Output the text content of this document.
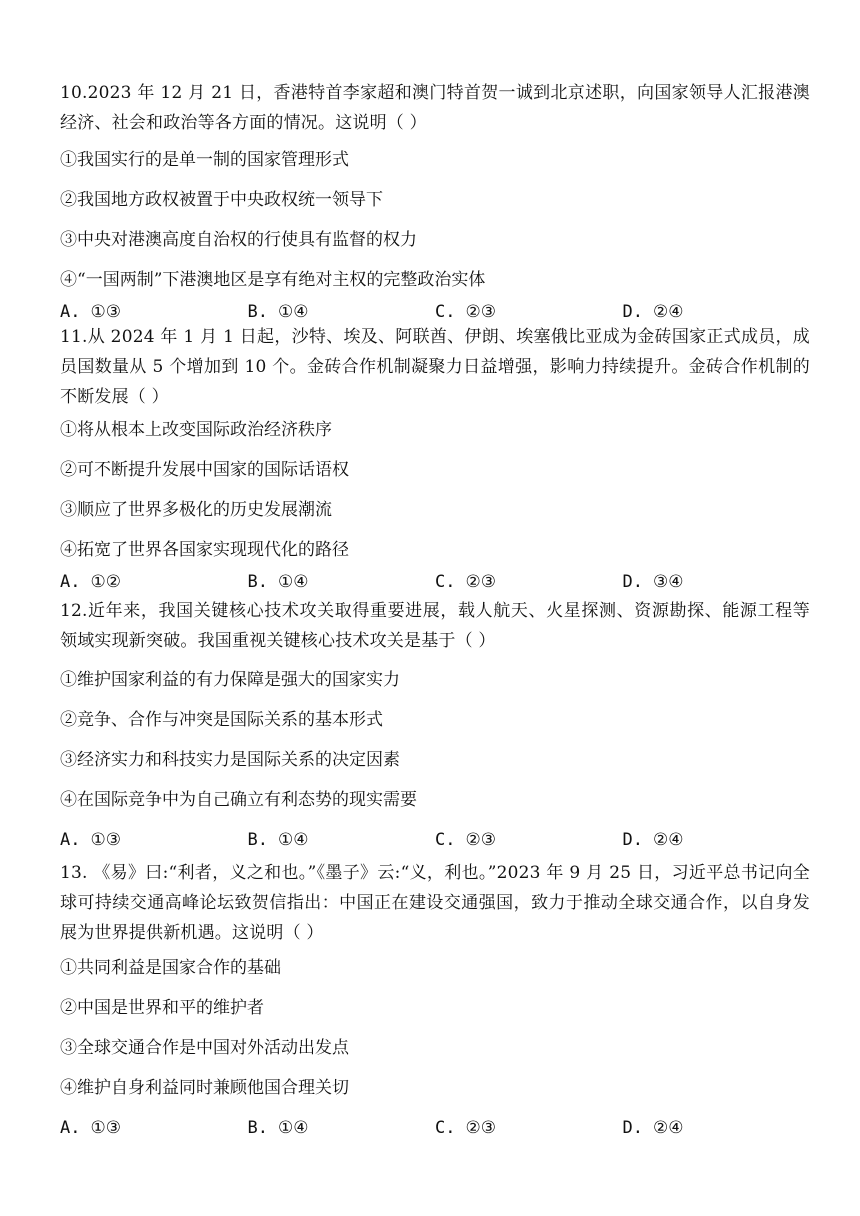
10.2023 年 12 月 21 日，香港特首李家超和澳门特首贺一诚到北京述职，向国家领导人汇报港澳经济、社会和政治等各方面的情况。这说明（ ）

①我国实行的是单一制的国家管理形式

②我国地方政权被置于中央政权统一领导下

③中央对港澳高度自治权的行使具有监督的权力

④“一国两制”下港澳地区是享有绝对主权的完整政治实体

A. ①③	B. ①④	C. ②③	D. ②④

11.从 2024 年 1 月 1 日起，沙特、埃及、阿联酋、伊朗、埃塞俄比亚成为金砖国家正式成员，成员国数量从 5 个增加到 10 个。金砖合作机制凝聚力日益增强，影响力持续提升。金砖合作机制的不断发展（ ）

①将从根本上改变国际政治经济秩序

②可不断提升发展中国家的国际话语权

③顺应了世界多极化的历史发展潮流

④拓宽了世界各国家实现现代化的路径

A. ①②	B. ①④	C. ②③	D. ③④

12.近年来，我国关键核心技术攻关取得重要进展，载人航天、火星探测、资源勘探、能源工程等领域实现新突破。我国重视关键核心技术攻关是基于（ ）

①维护国家利益的有力保障是强大的国家实力

②竞争、合作与冲突是国际关系的基本形式

③经济实力和科技实力是国际关系的决定因素

④在国际竞争中为自己确立有利态势的现实需要

A. ①③	B. ①④	C. ②③	D. ②④

13. 《易》曰:“利者，义之和也。”《墨子》云:“义，利也。”2023 年 9 月 25 日，习近平总书记向全球可持续交通高峰论坛致贺信指出：中国正在建设交通强国，致力于推动全球交通合作，以自身发展为世界提供新机遇。这说明（ ）

①共同利益是国家合作的基础

②中国是世界和平的维护者

③全球交通合作是中国对外活动出发点

④维护自身利益同时兼顾他国合理关切

A. ①③	B. ①④	C. ②③	D. ②④
